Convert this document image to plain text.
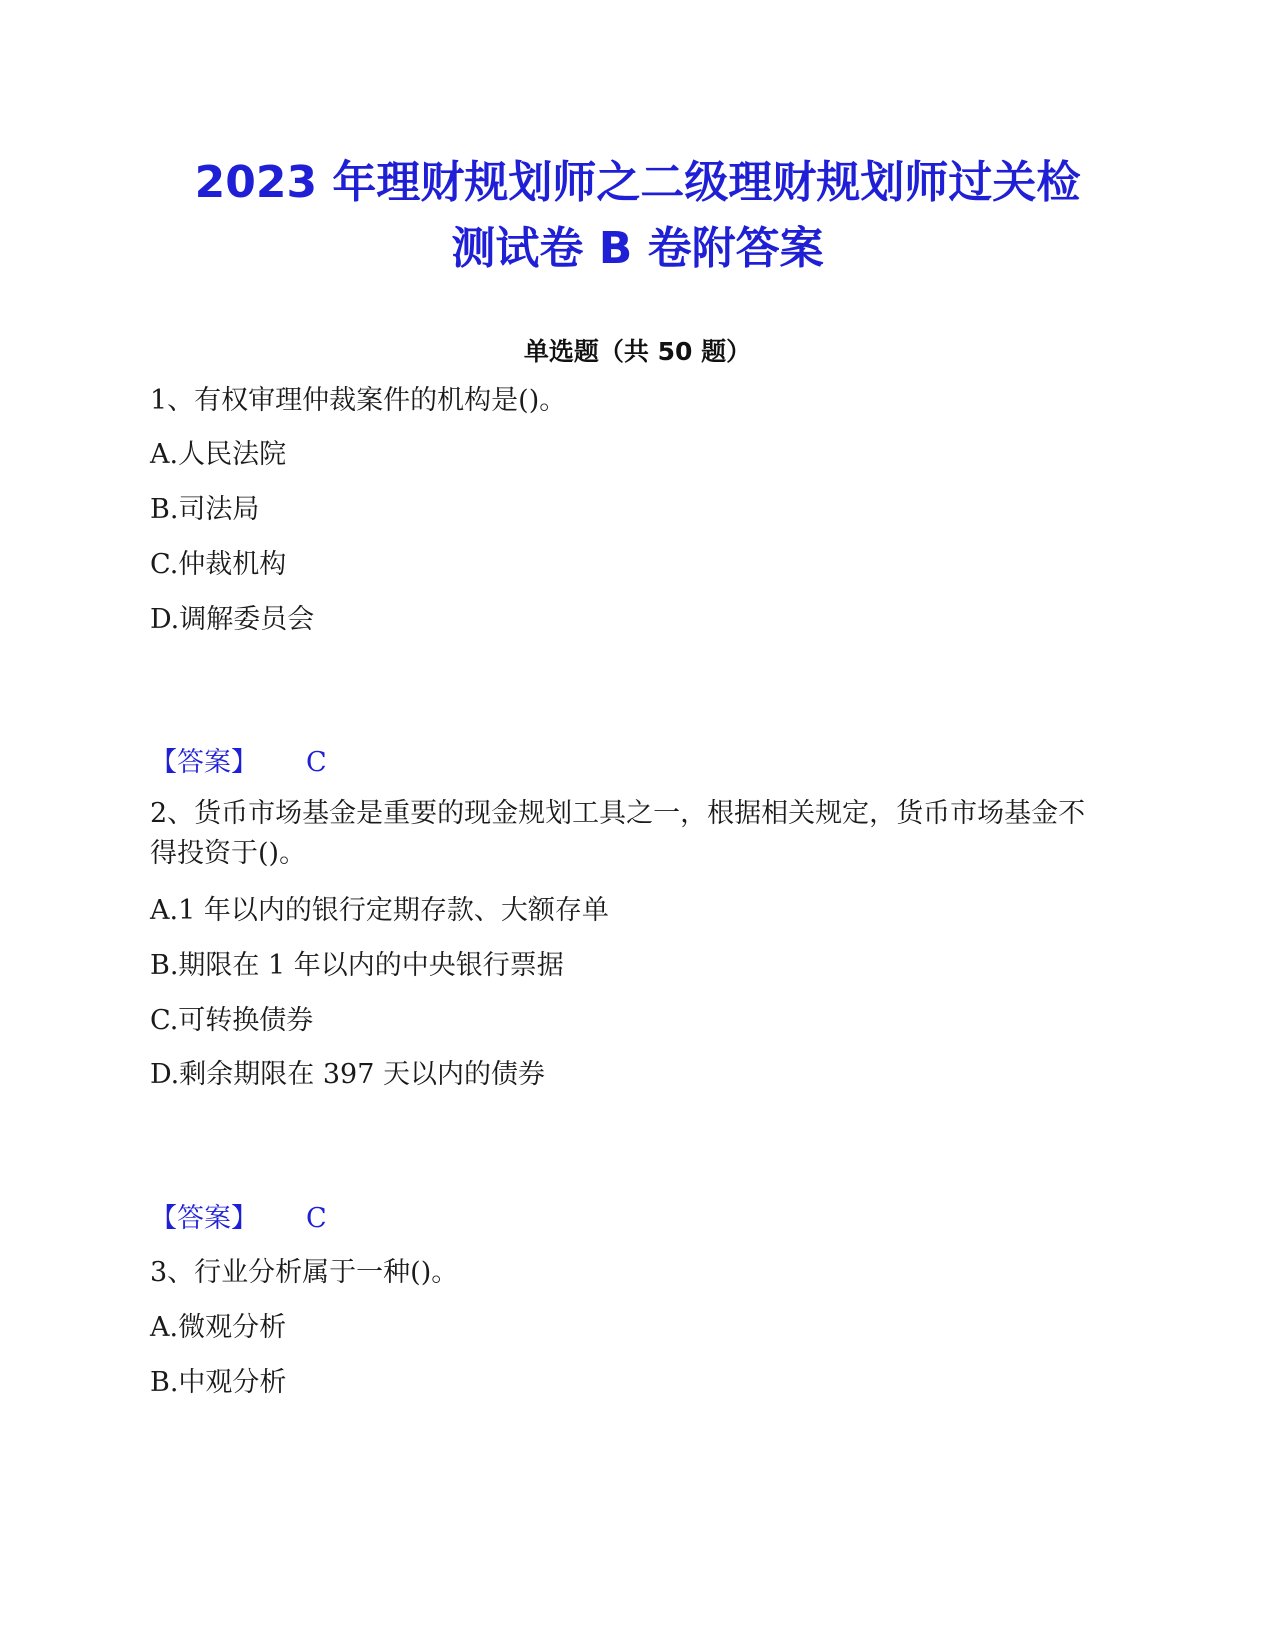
2023 年理财规划师之二级理财规划师过关检
测试卷 B 卷附答案
单选题（共 50 题）
1、有权审理仲裁案件的机构是()。
A.人民法院
B.司法局
C.仲裁机构
D.调解委员会
【答案】 C
2、货币市场基金是重要的现金规划工具之一，根据相关规定，货币市场基金不得投资于()。
A.1 年以内的银行定期存款、大额存单
B.期限在 1 年以内的中央银行票据
C.可转换债券
D.剩余期限在 397 天以内的债券
【答案】 C
3、行业分析属于一种()。
A.微观分析
B.中观分析
